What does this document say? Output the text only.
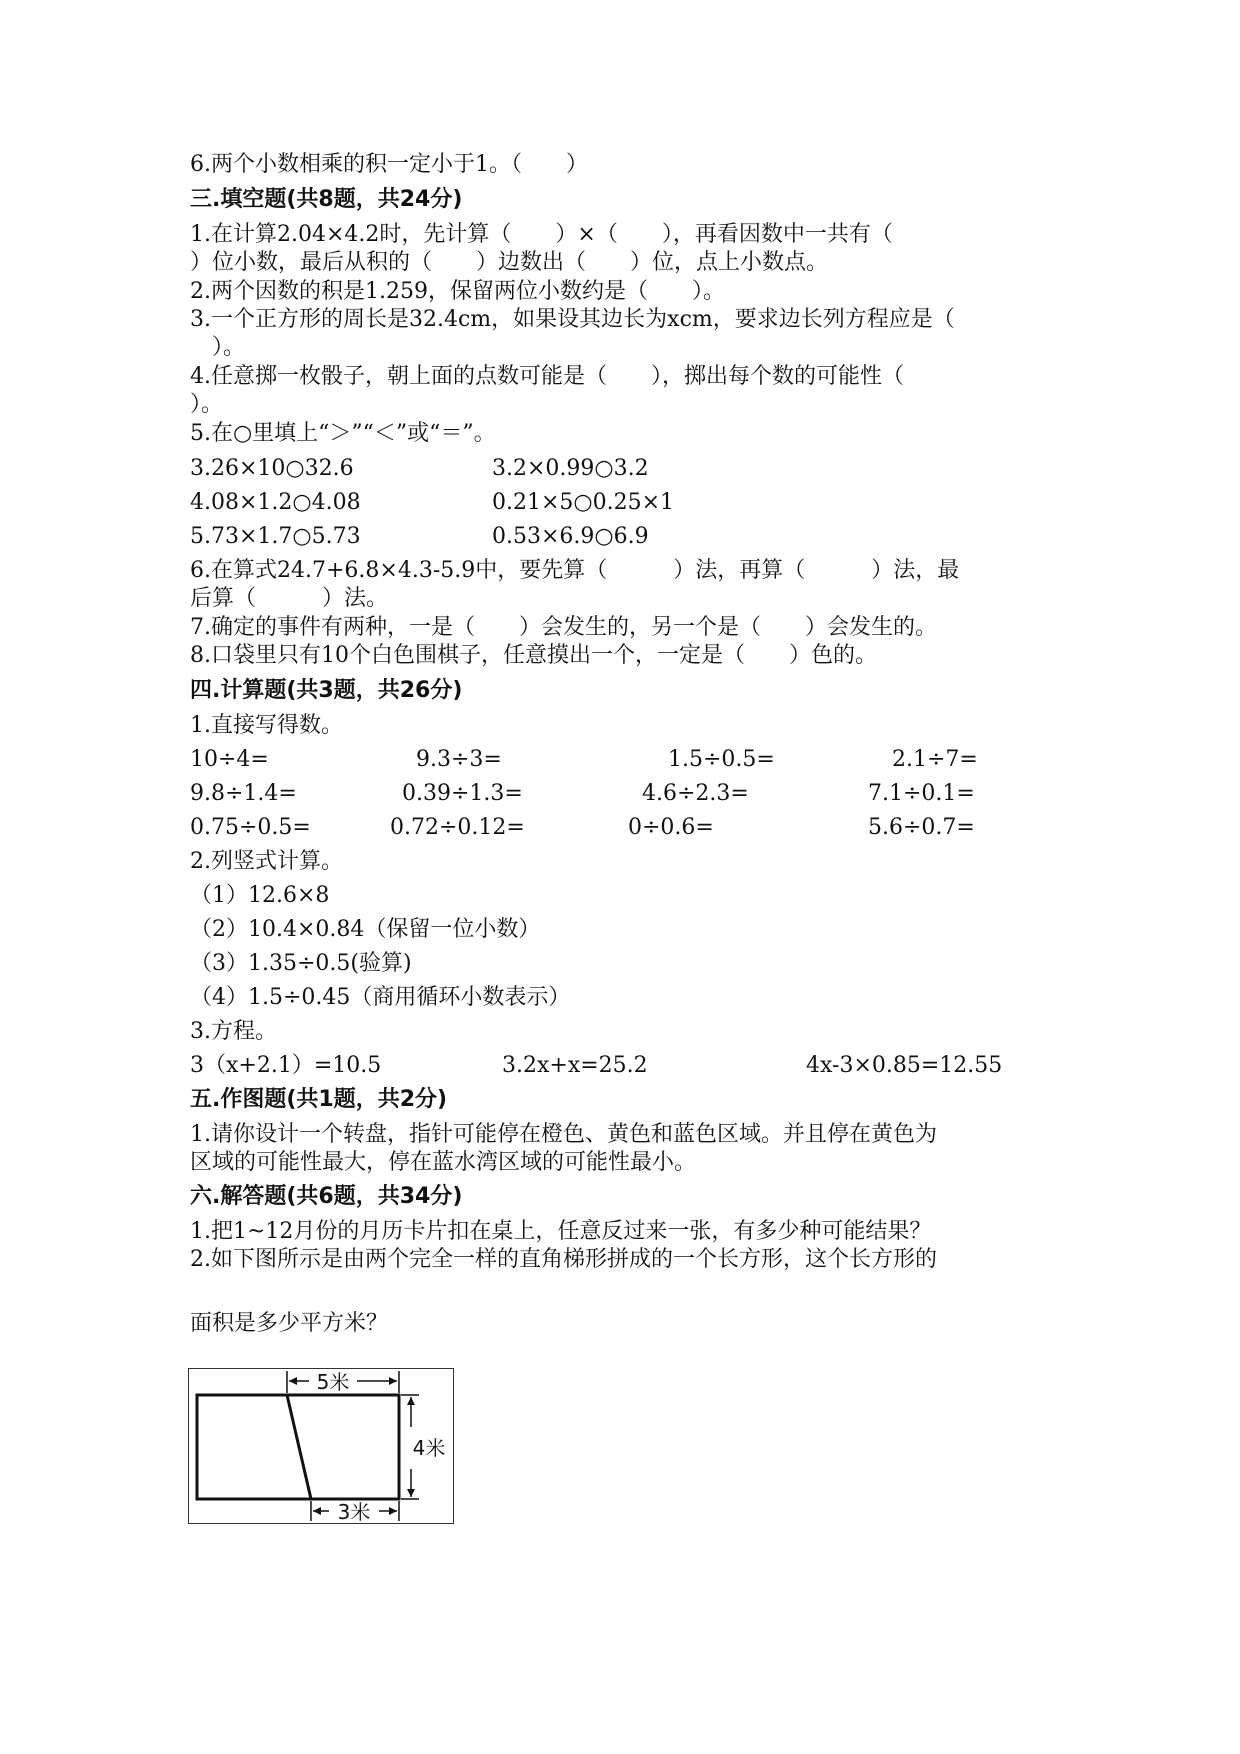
6.两个小数相乘的积一定小于1。（　　）
三.填空题(共8题，共24分)
1.在计算2.04×4.2时，先计算（　　）×（　　），再看因数中一共有（
）位小数，最后从积的（　　）边数出（　　）位，点上小数点。
2.两个因数的积是1.259，保留两位小数约是（　　）。
3.一个正方形的周长是32.4cm，如果设其边长为xcm，要求边长列方程应是（
　）。
4.任意掷一枚骰子，朝上面的点数可能是（　　），掷出每个数的可能性（
）。
5.在○里填上“＞”“＜”或“＝”。
3.26×10○32.6	3.2×0.99○3.2
4.08×1.2○4.08	0.21×5○0.25×1
5.73×1.7○5.73	0.53×6.9○6.9
6.在算式24.7+6.8×4.3-5.9中，要先算（　　　）法，再算（　　　）法，最
后算（　　　）法。
7.确定的事件有两种，一是（　　）会发生的，另一个是（　　）会发生的。
8.口袋里只有10个白色围棋子，任意摸出一个，一定是（　　）色的。
四.计算题(共3题，共26分)
1.直接写得数。
10÷4=	9.3÷3=	1.5÷0.5=	2.1÷7=
9.8÷1.4=	0.39÷1.3=	4.6÷2.3=	7.1÷0.1=
0.75÷0.5=	0.72÷0.12=	0÷0.6=	5.6÷0.7=
2.列竖式计算。
（1）12.6×8
（2）10.4×0.84（保留一位小数）
（3）1.35÷0.5(验算)
（4）1.5÷0.45（商用循环小数表示）
3.方程。
3（x+2.1）=10.5	3.2x+x=25.2	4x-3×0.85=12.55
五.作图题(共1题，共2分)
1.请你设计一个转盘，指针可能停在橙色、黄色和蓝色区域。并且停在黄色为
区域的可能性最大，停在蓝水湾区域的可能性最小。
六.解答题(共6题，共34分)
1.把1~12月份的月历卡片扣在桌上，任意反过来一张，有多少种可能结果？
2.如下图所示是由两个完全一样的直角梯形拼成的一个长方形，这个长方形的
面积是多少平方米？
5米
4米
3米
